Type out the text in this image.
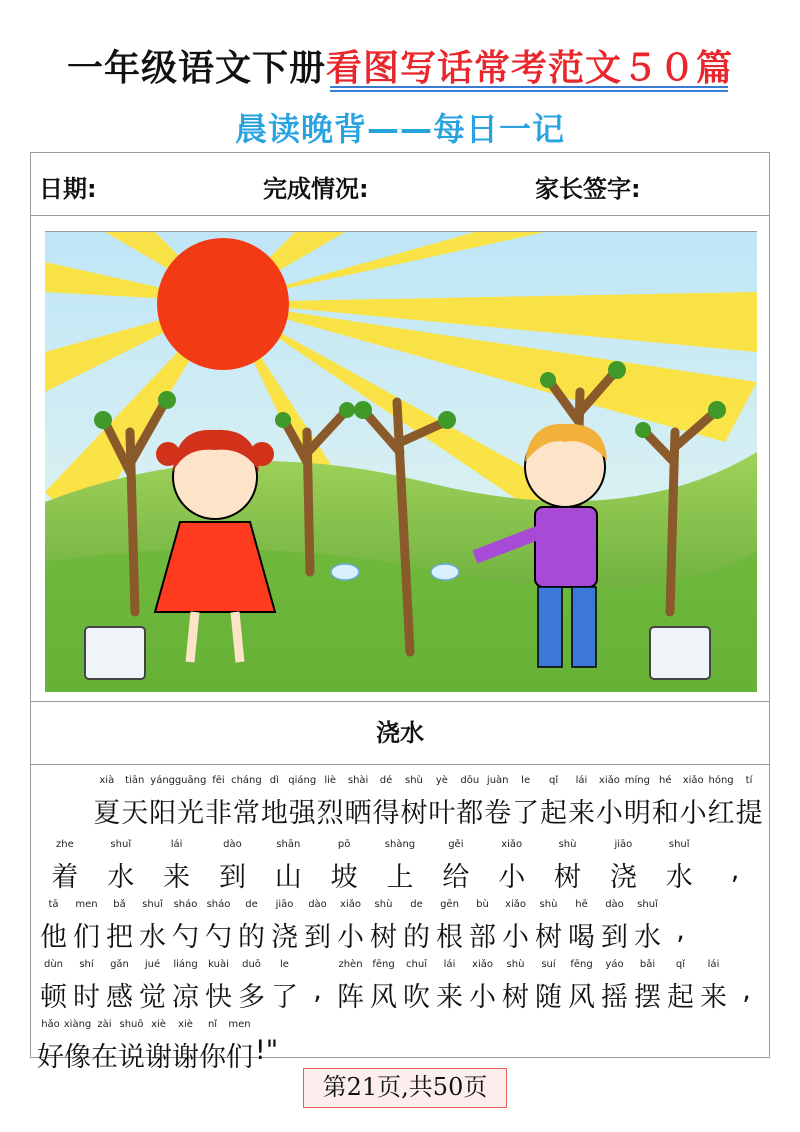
一年级语文下册看图写话常考范文５０篇
晨读晚背——每日一记
日期:	完成情况:	家长签字:
浇水
xià
夏
tiān
天
yáng
阳
guāng
光
fēi
非
cháng
常
dì
地
qiáng
强
liè
烈
shài
晒
dé
得
shù
树
yè
叶
dōu
都
juàn
卷
le
了
qǐ
起
lái
来
xiǎo
小
míng
明
hé
和
xiǎo
小
hóng
红
tí
提
zhe
着
shuǐ
水
lái
来
dào
到
shān
山
pō
坡
shàng
上
gěi
给
xiǎo
小
shù
树
jiāo
浇
shuǐ
水 ,
tā
他
men
们
bǎ
把
shuǐ
水
sháo
勺
sháo
勺
de
的
jiāo
浇
dào
到
xiǎo
小
shù
树
de
的
gēn
根
bù
部
xiǎo
小
shù
树
hē
喝
dào
到
shuǐ
水 ,
dùn
顿
shí
时
gǎn
感
jué
觉
liáng
凉
kuài
快
duō
多
le
了 ,
zhèn
阵
fēng
风
chuī
吹
lái
来
xiǎo
小
shù
树
suí
随
fēng
风
yáo
摇
bǎi
摆
qǐ
起
lái
来 ,
hǎo
好
xiàng
像
zài
在
shuō
说
xiè
谢
xiè
谢
nǐ
你
men
们 !"
第21页,共50页
